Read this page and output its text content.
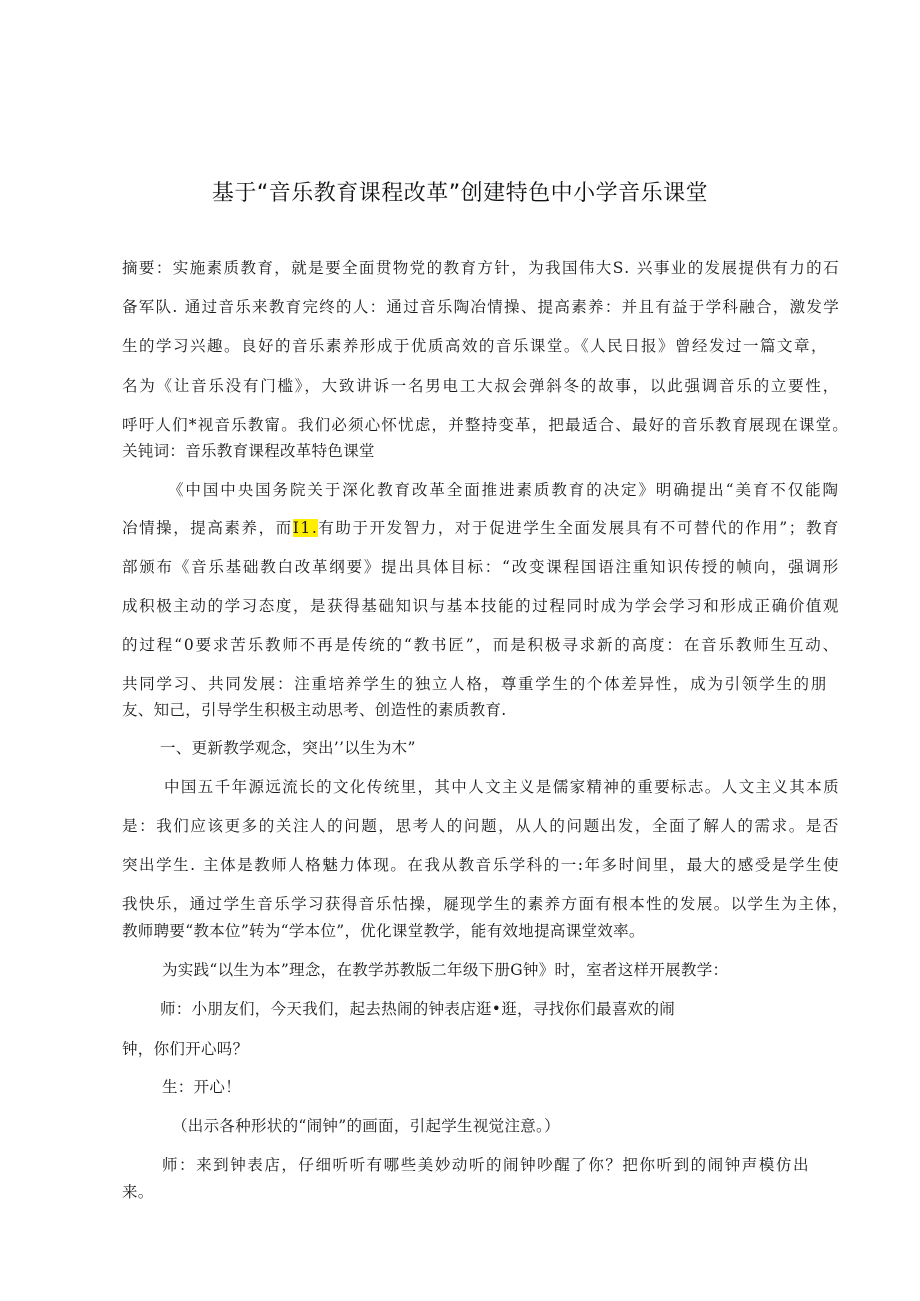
基于“音乐教育课程改革”创建特色中小学音乐课堂
摘要：实施素质教育，就是要全面贯物党的教育方针，为我国伟大S. 兴事业的发展提供有力的石
备军队. 通过音乐来教育完终的人：通过音乐陶冶情操、提高素养：并且有益于学科融合，激发学
生的学习兴趣。良好的音乐素养形成于优质高效的音乐课堂。《人民日报》曾经发过一篇文章，
名为《让音乐没有门槛》，大致讲诉一名男电工大叔会弹斜冬的故事，以此强调音乐的立要性，
呼吁人们*视音乐教甯。我们必须心怀忧虑，并整持变革，把最适合、最好的音乐教育展现在课堂。
关钝词：音乐教育课程改革特色课堂
《中国中央国务院关于深化教育改革全面推进素质教育的决定》明确提出“美育不仅能陶
冶情操，提高素养，而I1.有助于开发智力，对于促进学生全面发展具有不可替代的作用”；教育
部颁布《音乐基础教白改革纲要》提出具体目标：“改变课程国语注重知识传授的帧向，强调形
成积极主动的学习态度，是获得基础知识与基本技能的过程同时成为学会学习和形成正确价值观
的过程“0要求苦乐教师不再是传统的“教书匠”，而是积极寻求新的高度：在音乐教师生互动、
共同学习、共同发展：注重培养学生的独立人格，尊重学生的个体差异性，成为引领学生的朋
友、知己，引导学生积极主动思考、创造性的素质教育.
一、更新教学观念，突出’’以生为木”
中国五千年源远流长的文化传统里，其中人文主义是儒家精神的重要标志。人文主义其本质
是：我们应该更多的关注人的问题，思考人的问题，从人的问题出发，全面了解人的需求。是否
突出学生. 主体是教师人格魅力体现。在我从教音乐学科的一:年多时间里，最大的感受是学生使
我快乐，通过学生音乐学习获得音乐怙操，屣现学生的素养方面有根本性的发展。以学生为主体，
教师聘要“教本位”转为“学本位”，优化课堂教学，能有效地提高课堂效率。
为实践“以生为本”理念，在教学苏教版二年级下册G钟》时，室者这样开展教学：
师：小朋友们，今天我们，起去热闹的钟表店逛•逛，寻找你们最喜欢的闹
钟，你们开心吗？
生：开心！
（出示各种形状的“闹钟”的画面，引起学生视觉注意。）
师：来到钟表店，仔细听听有哪些美妙动听的闹钟吵醒了你？把你听到的闹钟声模仿出
来。
